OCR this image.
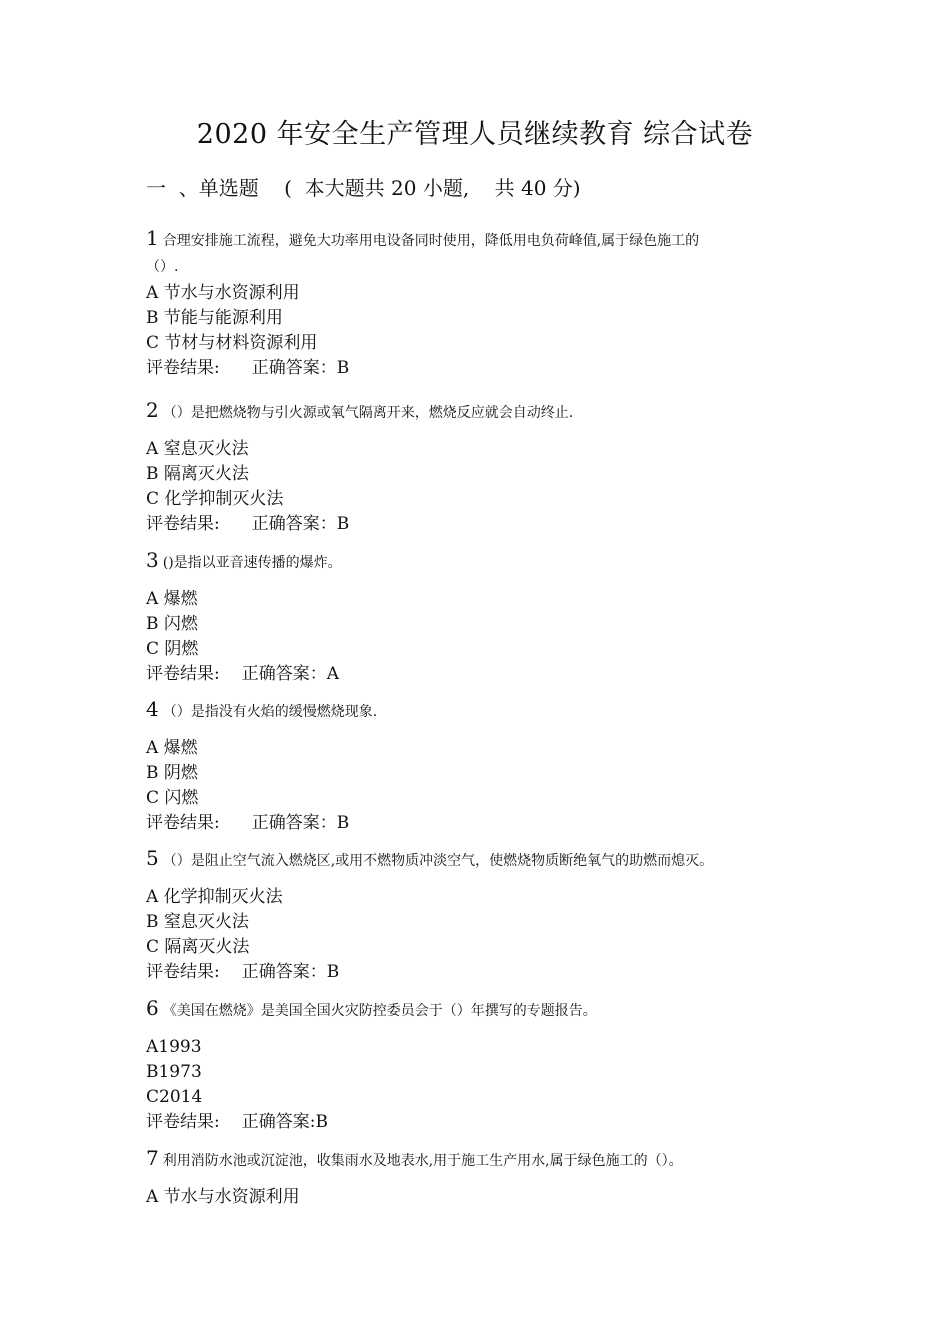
2020 年安全生产管理人员继续教育 综合试卷
一  、单选题    (  本大题共 20 小题,    共 40 分)
1 合理安排施工流程，避免大功率用电设备同时使用，降低用电负荷峰值,属于绿色施工的
（）.
A 节水与水资源利用
B 节能与能源利用
C 节材与材料资源利用
评卷结果: 正确答案：B
2 （）是把燃烧物与引火源或氧气隔离开来，燃烧反应就会自动终止.
A 窒息灭火法
B 隔离灭火法
C 化学抑制灭火法
评卷结果: 正确答案：B
3 ()是指以亚音速传播的爆炸。
A 爆燃
B 闪燃
C 阴燃
评卷结果: 正确答案：A
4 （）是指没有火焰的缓慢燃烧现象.
A 爆燃
B 阴燃
C 闪燃
评卷结果: 正确答案：B
5 （）是阻止空气流入燃烧区,或用不燃物质冲淡空气，使燃烧物质断绝氧气的助燃而熄灭。
A 化学抑制灭火法
B 窒息灭火法
C 隔离灭火法
评卷结果: 正确答案：B
6 《美国在燃烧》是美国全国火灾防控委员会于（）年撰写的专题报告。
A1993
B1973
C2014
评卷结果: 正确答案:B
7 利用消防水池或沉淀池，收集雨水及地表水,用于施工生产用水,属于绿色施工的（）。
A 节水与水资源利用
